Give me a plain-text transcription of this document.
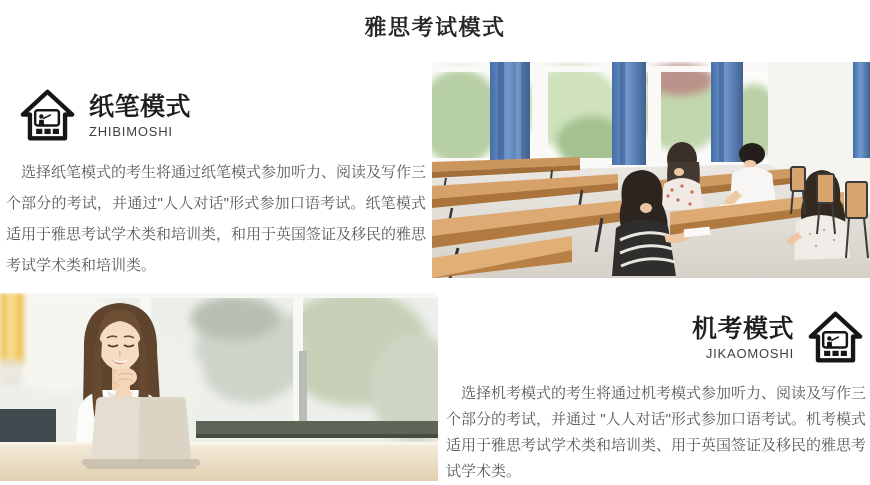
雅思考试模式
纸笔模式
ZHIBIMOSHI

选择纸笔模式的考生将通过纸笔模式参加听力、阅读及写作三个部分的考试，并通过"人人对话"形式参加口语考试。纸笔模式适用于雅思考试学术类和培训类，和用于英国签证及移民的雅思考试学术类和培训类。

机考模式
JIKAOMOSHI

选择机考模式的考生将通过机考模式参加听力、阅读及写作三个部分的考试，并通过 "人人对话"形式参加口语考试。机考模式适用于雅思考试学术类和培训类、用于英国签证及移民的雅思考试学术类。
